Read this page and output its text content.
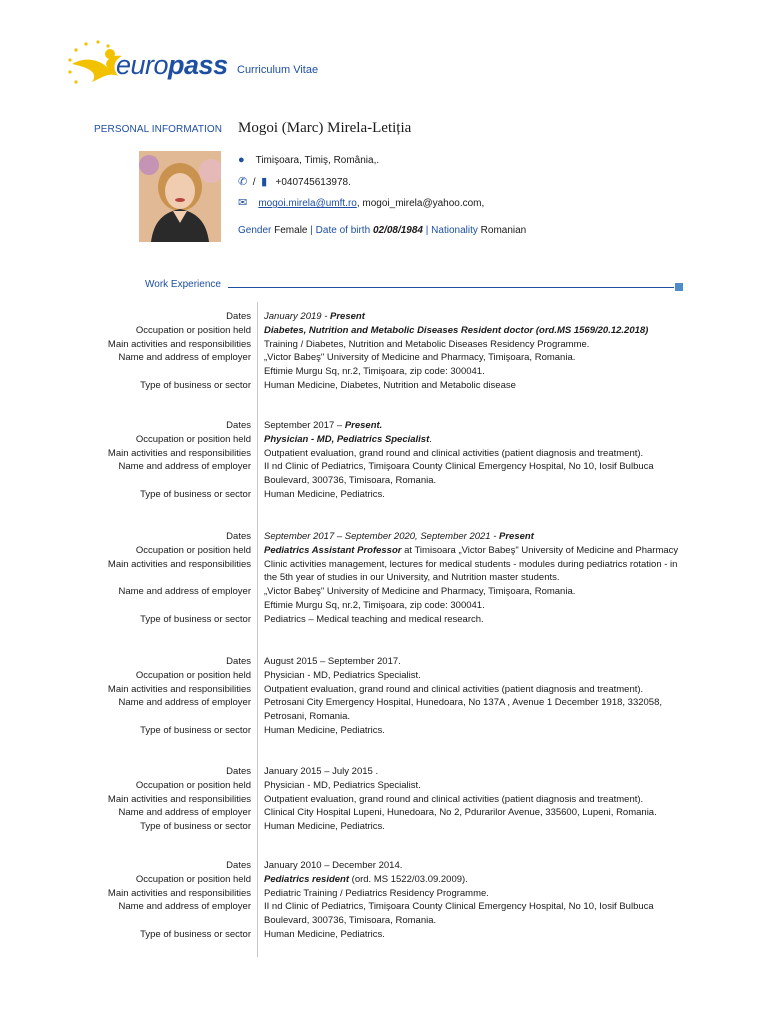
europass Curriculum Vitae
PERSONAL INFORMATION Mogoi (Marc) Mirela-Letiția
● Timişoara, Timiş, România,.
✆ / ▮ +040745613978.
✉ mogoi.mirela@umft.ro, mogoi_mirela@yahoo.com,
Gender Female | Date of birth 02/08/1984 | Nationality Romanian
Work Experience
Dates
Occupation or position held
Main activities and responsibilities
Name and address of employer

Type of business or sector
January 2019 - Present
Diabetes, Nutrition and Metabolic Diseases Resident doctor (ord.MS 1569/20.12.2018)
Training / Diabetes, Nutrition and Metabolic Diseases Residency Programme.
„Victor Babeş" University of Medicine and Pharmacy, Timişoara, Romania.
Eftimie Murgu Sq, nr.2, Timişoara, zip code: 300041.
Human Medicine, Diabetes, Nutrition and Metabolic disease
Dates
Occupation or position held
Main activities and responsibilities
Name and address of employer

Type of business or sector
September 2017 – Present.
Physician - MD, Pediatrics Specialist.
Outpatient evaluation, grand round and clinical activities (patient diagnosis and treatment).
II nd Clinic of Pediatrics, Timişoara County Clinical Emergency Hospital, No 10, Iosif Bulbuca
Boulevard, 300736, Timisoara, Romania.
Human Medicine, Pediatrics.
Dates
Occupation or position held
Main activities and responsibilities

Name and address of employer

Type of business or sector
September 2017 – September 2020, September 2021 - Present
Pediatrics Assistant Professor at Timisoara „Victor Babeş" University of Medicine and Pharmacy
Clinic activities management, lectures for medical students - modules during pediatrics rotation - in
the 5th year of studies in our University, and Nutrition master students.
„Victor Babeş" University of Medicine and Pharmacy, Timişoara, Romania.
Eftimie Murgu Sq, nr.2, Timişoara, zip code: 300041.
Pediatrics – Medical teaching and medical research.
Dates
Occupation or position held
Main activities and responsibilities
Name and address of employer

Type of business or sector
August 2015 – September 2017.
Physician - MD, Pediatrics Specialist.
Outpatient evaluation, grand round and clinical activities (patient diagnosis and treatment).
Petrosani City Emergency Hospital, Hunedoara, No 137A , Avenue 1 December 1918, 332058,
Petrosani, Romania.
Human Medicine, Pediatrics.
Dates
Occupation or position held
Main activities and responsibilities
Name and address of employer
Type of business or sector
January 2015 – July 2015 .
Physician - MD, Pediatrics Specialist.
Outpatient evaluation, grand round and clinical activities (patient diagnosis and treatment).
Clinical City Hospital Lupeni, Hunedoara, No 2, Pdurarilor Avenue, 335600, Lupeni, Romania.
Human Medicine, Pediatrics.
Dates
Occupation or position held
Main activities and responsibilities
Name and address of employer

Type of business or sector
January 2010 – December 2014.
Pediatrics resident (ord. MS 1522/03.09.2009).
Pediatric Training / Pediatrics Residency Programme.
II nd Clinic of Pediatrics, Timişoara County Clinical Emergency Hospital, No 10, Iosif Bulbuca
Boulevard, 300736, Timisoara, Romania.
Human Medicine, Pediatrics.
